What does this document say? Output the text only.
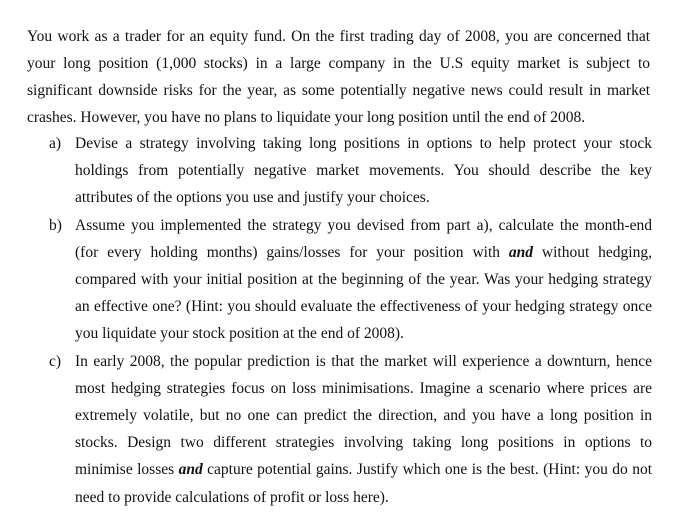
You work as a trader for an equity fund. On the first trading day of 2008, you are concerned that your long position (1,000 stocks) in a large company in the U.S equity market is subject to significant downside risks for the year, as some potentially negative news could result in market crashes. However, you have no plans to liquidate your long position until the end of 2008.

a) Devise a strategy involving taking long positions in options to help protect your stock holdings from potentially negative market movements. You should describe the key attributes of the options you use and justify your choices.
b) Assume you implemented the strategy you devised from part a), calculate the month-end (for every holding months) gains/losses for your position with and without hedging, compared with your initial position at the beginning of the year. Was your hedging strategy an effective one? (Hint: you should evaluate the effectiveness of your hedging strategy once you liquidate your stock position at the end of 2008).
c) In early 2008, the popular prediction is that the market will experience a downturn, hence most hedging strategies focus on loss minimisations. Imagine a scenario where prices are extremely volatile, but no one can predict the direction, and you have a long position in stocks. Design two different strategies involving taking long positions in options to minimise losses and capture potential gains. Justify which one is the best. (Hint: you do not need to provide calculations of profit or loss here).
